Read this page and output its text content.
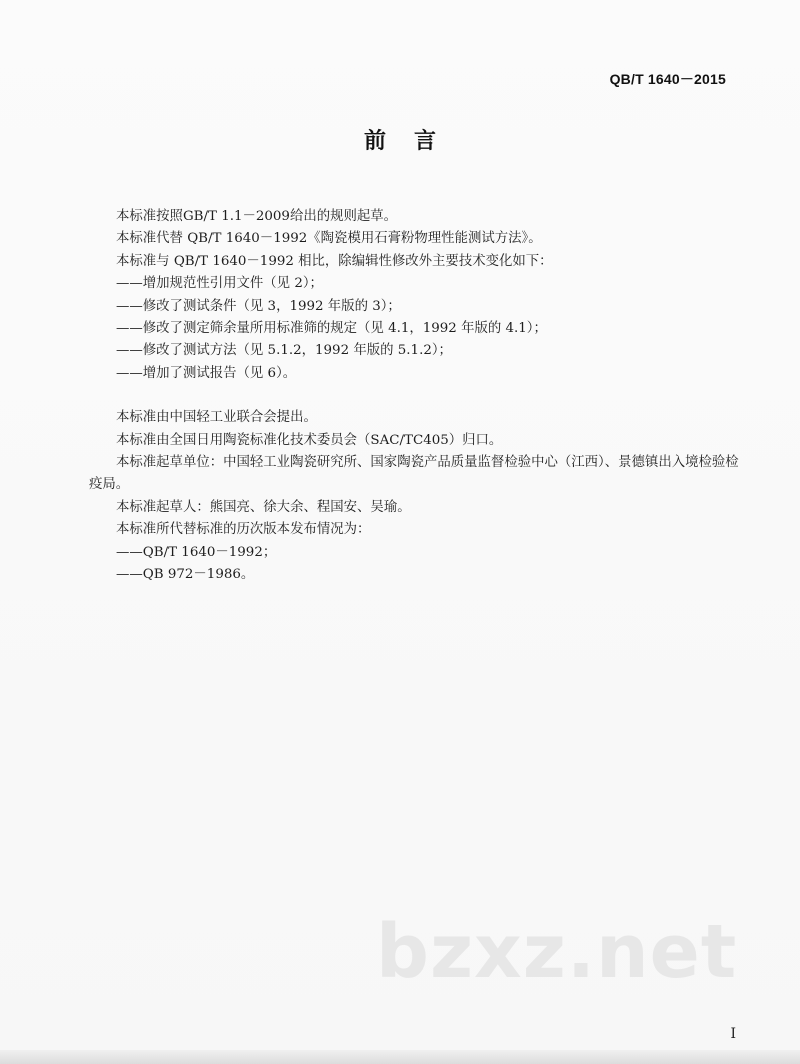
QB/T 1640－2015
前 言

本标准按照GB/T 1.1－2009给出的规则起草。

本标准代替 QB/T 1640－1992《陶瓷模用石膏粉物理性能测试方法》。

本标准与 QB/T 1640－1992 相比，除编辑性修改外主要技术变化如下：

——增加规范性引用文件（见 2）；

——修改了测试条件（见 3，1992 年版的 3）；

——修改了测定筛余量所用标准筛的规定（见 4.1，1992 年版的 4.1）；

——修改了测试方法（见 5.1.2，1992 年版的 5.1.2）；

——增加了测试报告（见 6）。

本标准由中国轻工业联合会提出。

本标准由全国日用陶瓷标准化技术委员会（SAC/TC405）归口。

本标准起草单位：中国轻工业陶瓷研究所、国家陶瓷产品质量监督检验中心（江西）、景德镇出入境检验检疫局。

本标准起草人：熊国亮、徐大余、程国安、吴瑜。

本标准所代替标准的历次版本发布情况为：

——QB/T 1640－1992；

——QB 972－1986。

bzxz.net
I
